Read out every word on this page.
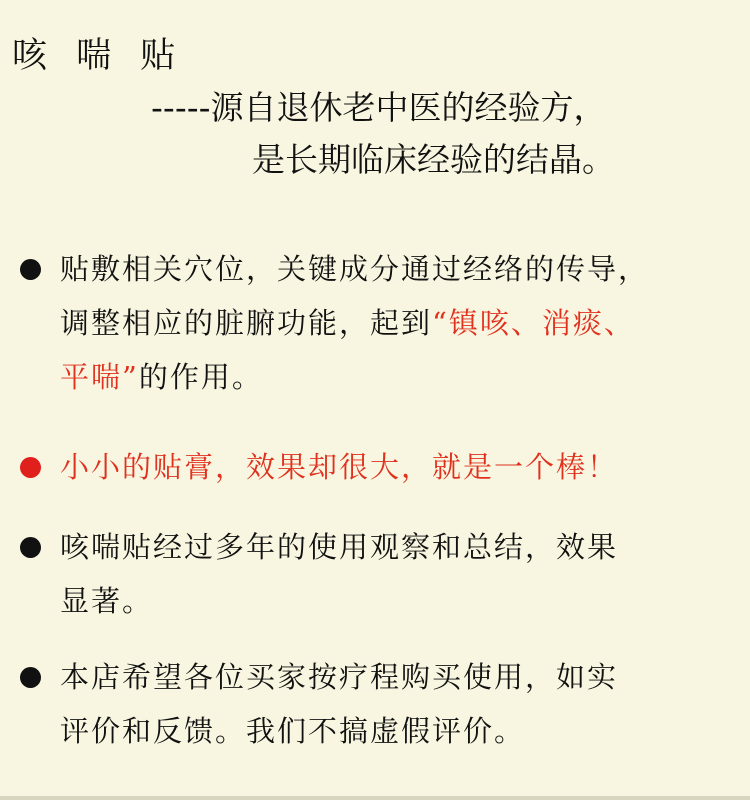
咳 喘 贴
-----源自退休老中医的经验方，
是长期临床经验的结晶。
贴敷相关穴位，关键成分通过经络的传导，
调整相应的脏腑功能，起到“镇咳、消痰、
平喘”的作用。
小小的贴膏，效果却很大，就是一个棒！
咳喘贴经过多年的使用观察和总结，效果
显著。
本店希望各位买家按疗程购买使用，如实
评价和反馈。我们不搞虚假评价。
